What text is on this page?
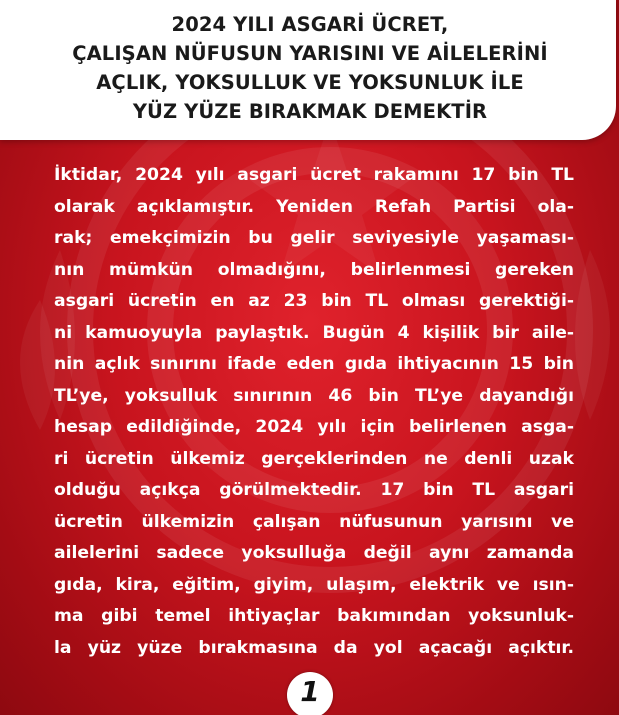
2024 YILI ASGARİ ÜCRET,
ÇALIŞAN NÜFUSUN YARISINI VE AİLELERİNİ
AÇLIK, YOKSULLUK VE YOKSUNLUK İLE
YÜZ YÜZE BIRAKMAK DEMEKTİR
İktidar, 2024 yılı asgari ücret rakamını 17 bin TL
olarak açıklamıştır. Yeniden Refah Partisi ola-
rak; emekçimizin bu gelir seviyesiyle yaşaması-
nın mümkün olmadığını, belirlenmesi gereken
asgari ücretin en az 23 bin TL olması gerektiği-
ni kamuoyuyla paylaştık. Bugün 4 kişilik bir aile-
nin açlık sınırını ifade eden gıda ihtiyacının 15 bin
TL’ye, yoksulluk sınırının 46 bin TL’ye dayandığı
hesap edildiğinde, 2024 yılı için belirlenen asga-
ri ücretin ülkemiz gerçeklerinden ne denli uzak
olduğu açıkça görülmektedir. 17 bin TL asgari
ücretin ülkemizin çalışan nüfusunun yarısını ve
ailelerini sadece yoksulluğa değil aynı zamanda
gıda, kira, eğitim, giyim, ulaşım, elektrik ve ısın-
ma gibi temel ihtiyaçlar bakımından yoksunluk-
la yüz yüze bırakmasına da yol açacağı açıktır.
1
